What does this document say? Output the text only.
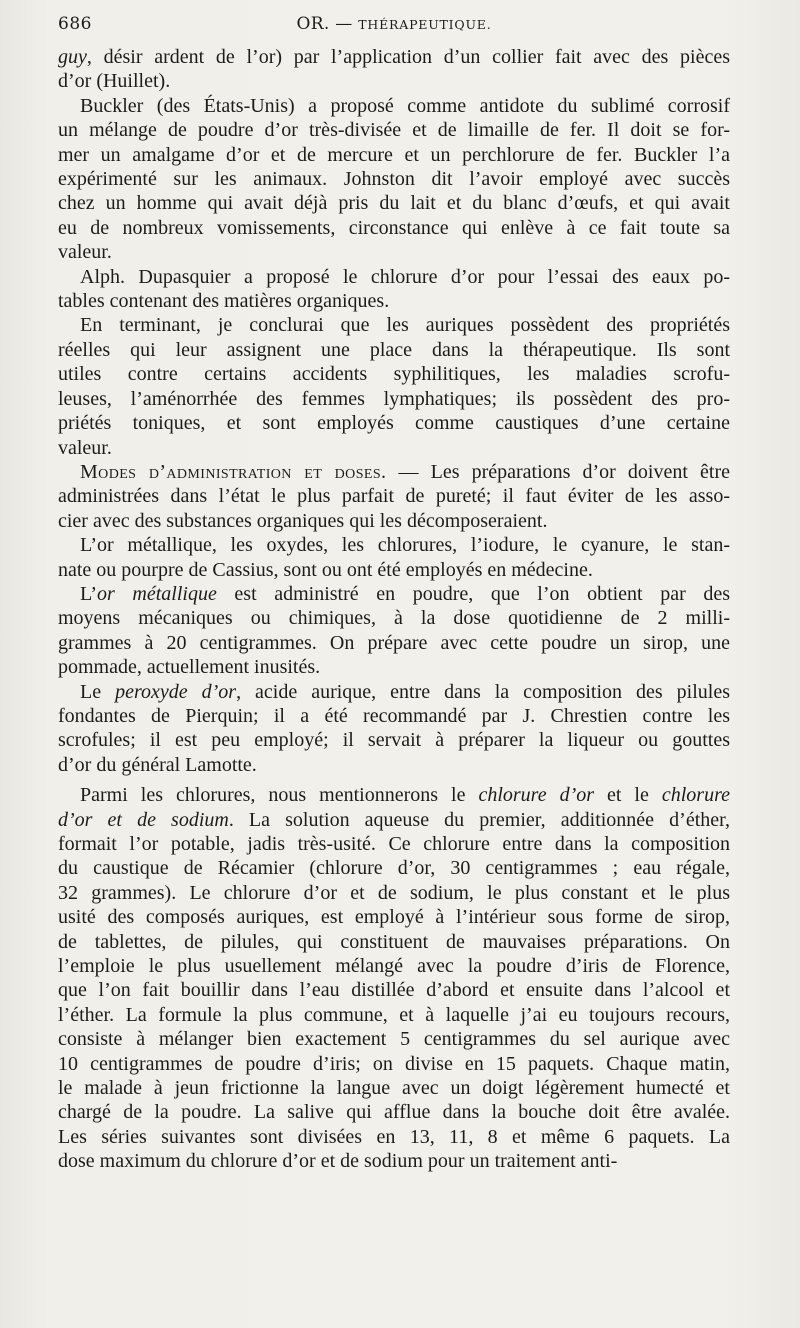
686	OR. — THÉRAPEUTIQUE.

guy, désir ardent de l’or) par l’application d’un collier fait avec des pièces
d’or (Huillet).

Buckler (des États-Unis) a proposé comme antidote du sublimé corrosif
un mélange de poudre d’or très-divisée et de limaille de fer. Il doit se for-
mer un amalgame d’or et de mercure et un perchlorure de fer. Buckler l’a
expérimenté sur les animaux. Johnston dit l’avoir employé avec succès
chez un homme qui avait déjà pris du lait et du blanc d’œufs, et qui avait
eu de nombreux vomissements, circonstance qui enlève à ce fait toute sa
valeur.

Alph. Dupasquier a proposé le chlorure d’or pour l’essai des eaux po-
tables contenant des matières organiques.

En terminant, je conclurai que les auriques possèdent des propriétés
réelles qui leur assignent une place dans la thérapeutique. Ils sont
utiles contre certains accidents syphilitiques, les maladies scrofu-
leuses, l’aménorrhée des femmes lymphatiques; ils possèdent des pro-
priétés toniques, et sont employés comme caustiques d’une certaine
valeur.

Modes d’administration et doses. — Les préparations d’or doivent être
administrées dans l’état le plus parfait de pureté; il faut éviter de les asso-
cier avec des substances organiques qui les décomposeraient.

L’or métallique, les oxydes, les chlorures, l’iodure, le cyanure, le stan-
nate ou pourpre de Cassius, sont ou ont été employés en médecine.

L’or métallique est administré en poudre, que l’on obtient par des
moyens mécaniques ou chimiques, à la dose quotidienne de 2 milli-
grammes à 20 centigrammes. On prépare avec cette poudre un sirop, une
pommade, actuellement inusités.

Le peroxyde d’or, acide aurique, entre dans la composition des pilules
fondantes de Pierquin; il a été recommandé par J. Chrestien contre les
scrofules; il est peu employé; il servait à préparer la liqueur ou gouttes
d’or du général Lamotte.

Parmi les chlorures, nous mentionnerons le chlorure d’or et le chlorure
d’or et de sodium. La solution aqueuse du premier, additionnée d’éther,
formait l’or potable, jadis très-usité. Ce chlorure entre dans la composition
du caustique de Récamier (chlorure d’or, 30 centigrammes ; eau régale,
32 grammes). Le chlorure d’or et de sodium, le plus constant et le plus
usité des composés auriques, est employé à l’intérieur sous forme de sirop,
de tablettes, de pilules, qui constituent de mauvaises préparations. On
l’emploie le plus usuellement mélangé avec la poudre d’iris de Florence,
que l’on fait bouillir dans l’eau distillée d’abord et ensuite dans l’alcool et
l’éther. La formule la plus commune, et à laquelle j’ai eu toujours recours,
consiste à mélanger bien exactement 5 centigrammes du sel aurique avec
10 centigrammes de poudre d’iris; on divise en 15 paquets. Chaque matin,
le malade à jeun frictionne la langue avec un doigt légèrement humecté et
chargé de la poudre. La salive qui afflue dans la bouche doit être avalée.
Les séries suivantes sont divisées en 13, 11, 8 et même 6 paquets. La
dose maximum du chlorure d’or et de sodium pour un traitement anti-
